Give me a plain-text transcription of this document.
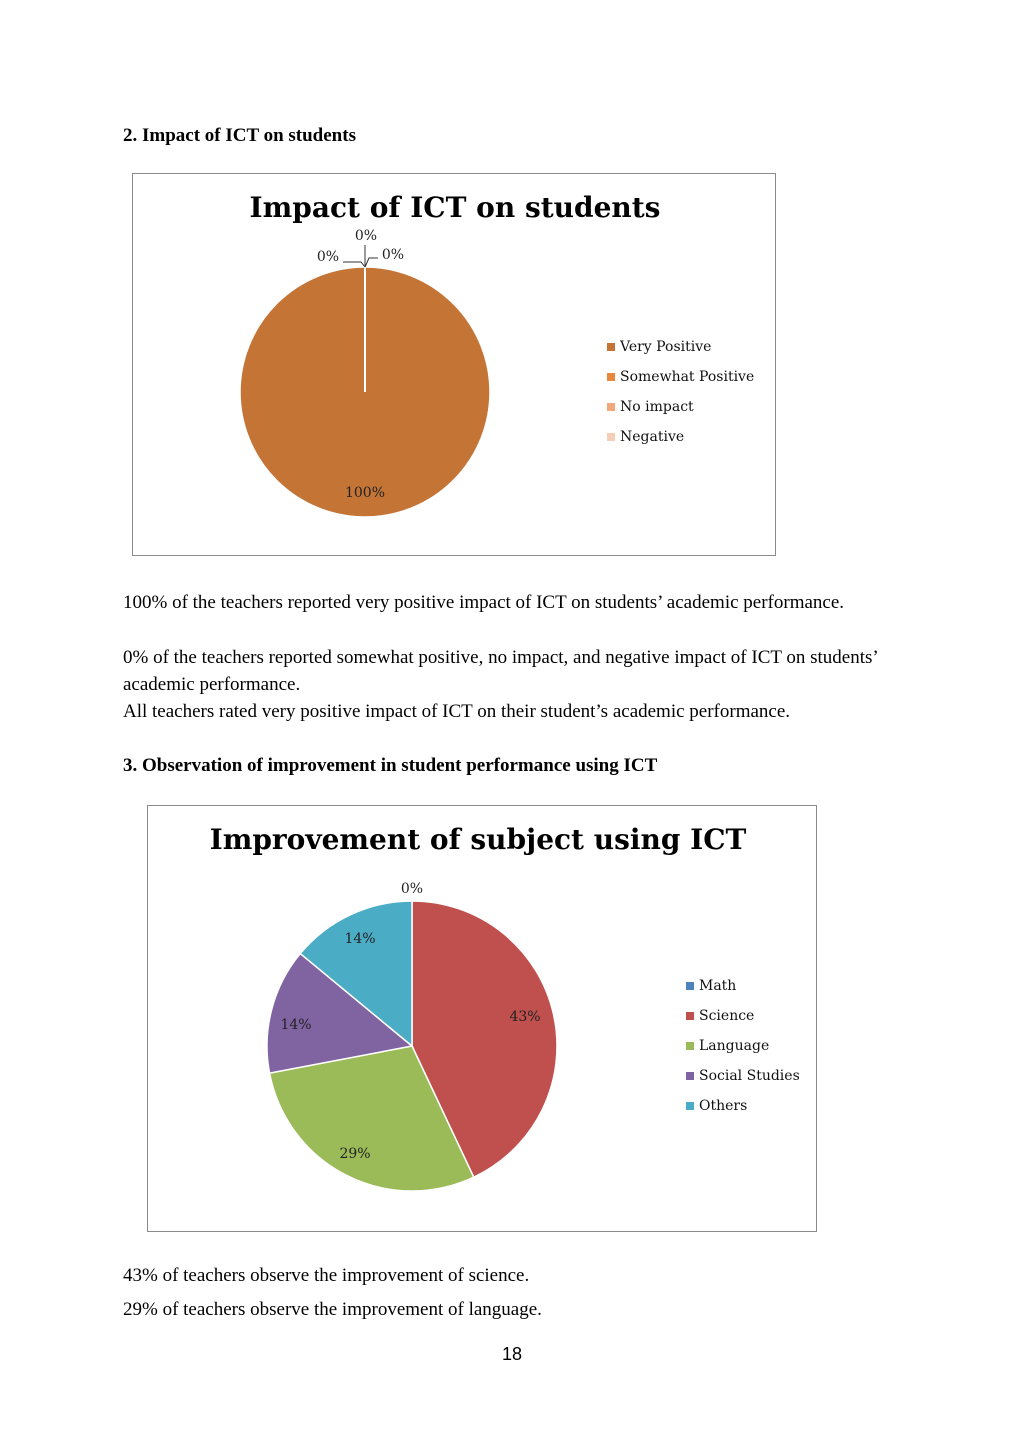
2. Impact of ICT on students
Impact of ICT on students
100%
0%
0%
0%
Very Positive
Somewhat Positive
No impact
Negative
100% of the teachers reported very positive impact of ICT on students’ academic performance.
0% of the teachers reported somewhat positive, no impact, and negative impact of ICT on students’ academic performance.
All teachers rated very positive impact of ICT on their student’s academic performance.
3. Observation of improvement in student performance using ICT
Improvement of subject using ICT
0%
43%
29%
14%
14%
Math
Science
Language
Social Studies
Others
43% of teachers observe the improvement of science.
29% of teachers observe the improvement of language.
18
